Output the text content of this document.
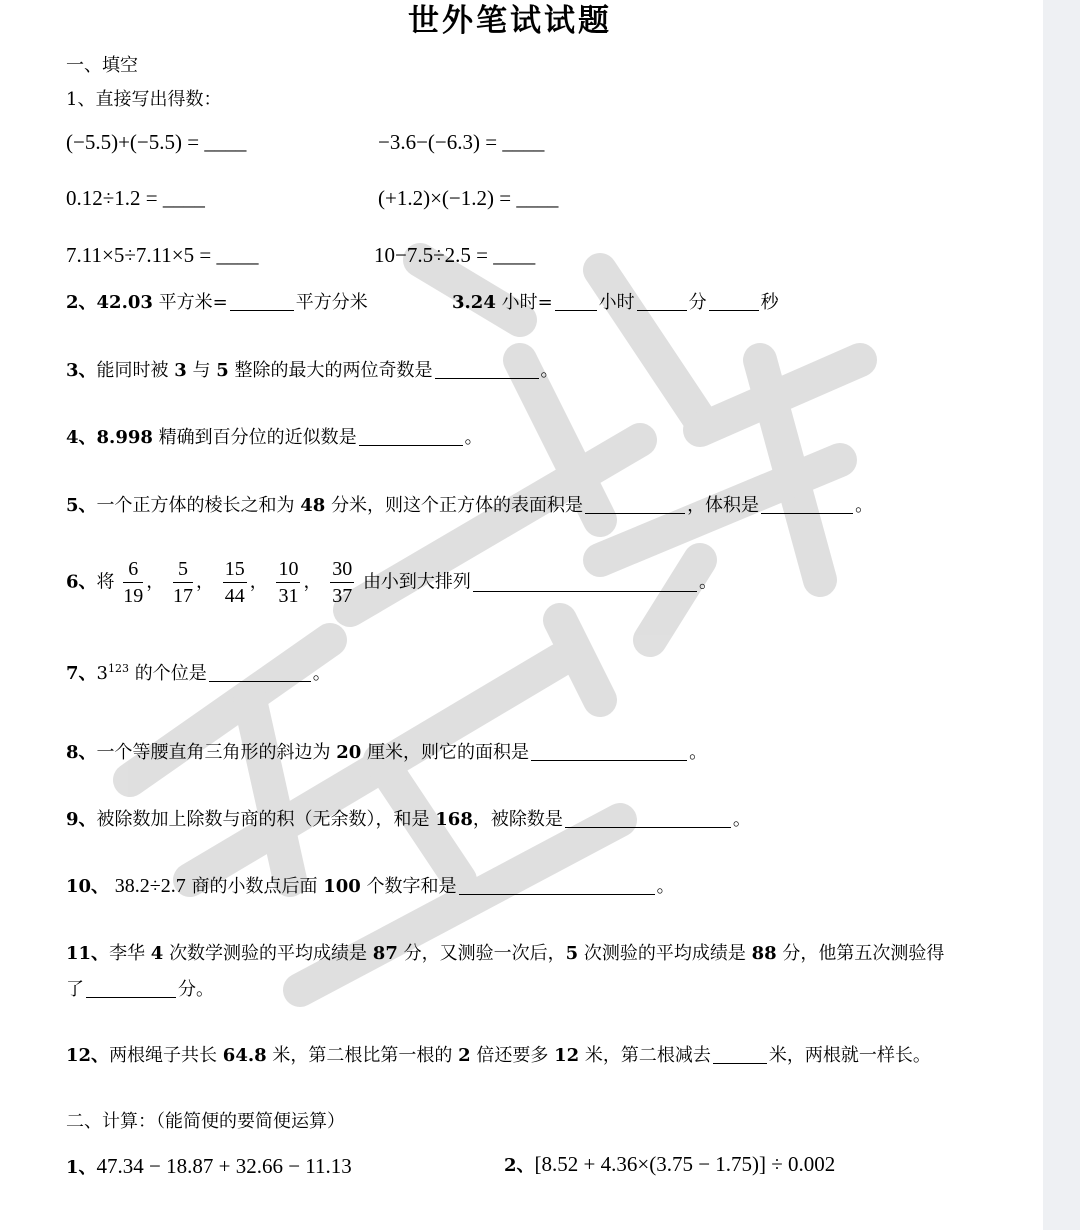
世外笔试试题
一、填空
1、直接写出得数：
(−5.5)+(−5.5) = ____	−3.6−(−6.3) = ____
0.12÷1.2 = ____	(+1.2)×(−1.2) = ____
7.11×5÷7.11×5 = ____	10−7.5÷2.5 = ____
2、42.03 平方米=	平方分米	3.24 小时=	小时	分	秒
3、能同时被 3 与 5 整除的最大的两位奇数是	。
4、8.998 精确到百分位的近似数是	。
5、一个正方体的棱长之和为 48 分米，则这个正方体的表面积是	，体积是	。
6、将 $\frac{6}{19}$ ， $\frac{5}{17}$ ， $\frac{15}{44}$ ， $\frac{10}{31}$ ， $\frac{30}{37}$ 由小到大排列	。
7、$3^{123}$ 的个位是	。
8、一个等腰直角三角形的斜边为 20 厘米，则它的面积是	。
9、被除数加上除数与商的积（无余数），和是 168，被除数是	。
10、 38.2÷2.7 商的小数点后面 100 个数字和是	。
11、李华 4 次数学测验的平均成绩是 87 分，又测验一次后，5 次测验的平均成绩是 88 分，他第五次测验得
了	分。
12、两根绳子共长 64.8 米，第二根比第一根的 2 倍还要多 12 米，第二根减去	米，两根就一样长。
二、计算：（能简便的要简便运算）
1、47.34 − 18.87 + 32.66 − 11.13	2、[8.52 + 4.36×(3.75 − 1.75)] ÷ 0.002
